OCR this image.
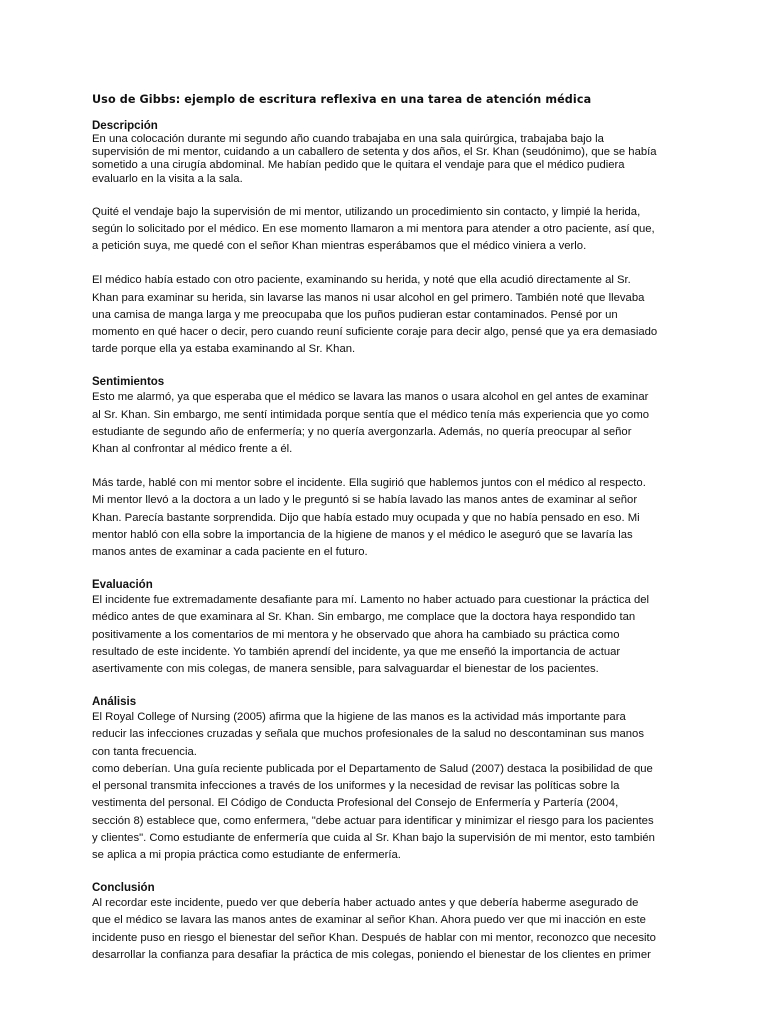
Uso de Gibbs: ejemplo de escritura reflexiva en una tarea de atención médica
Descripción

En una colocación durante mi segundo año cuando trabajaba en una sala quirúrgica, trabajaba bajo la
supervisión de mi mentor, cuidando a un caballero de setenta y dos años, el Sr. Khan (seudónimo), que se había
sometido a una cirugía abdominal. Me habían pedido que le quitara el vendaje para que el médico pudiera
evaluarlo en la visita a la sala.

Quité el vendaje bajo la supervisión de mi mentor, utilizando un procedimiento sin contacto, y limpié la herida,
según lo solicitado por el médico. En ese momento llamaron a mi mentora para atender a otro paciente, así que,
a petición suya, me quedé con el señor Khan mientras esperábamos que el médico viniera a verlo.

El médico había estado con otro paciente, examinando su herida, y noté que ella acudió directamente al Sr.
Khan para examinar su herida, sin lavarse las manos ni usar alcohol en gel primero. También noté que llevaba
una camisa de manga larga y me preocupaba que los puños pudieran estar contaminados. Pensé por un
momento en qué hacer o decir, pero cuando reuní suficiente coraje para decir algo, pensé que ya era demasiado
tarde porque ella ya estaba examinando al Sr. Khan.

Sentimientos

Esto me alarmó, ya que esperaba que el médico se lavara las manos o usara alcohol en gel antes de examinar
al Sr. Khan. Sin embargo, me sentí intimidada porque sentía que el médico tenía más experiencia que yo como
estudiante de segundo año de enfermería; y no quería avergonzarla. Además, no quería preocupar al señor
Khan al confrontar al médico frente a él.

Más tarde, hablé con mi mentor sobre el incidente. Ella sugirió que hablemos juntos con el médico al respecto.
Mi mentor llevó a la doctora a un lado y le preguntó si se había lavado las manos antes de examinar al señor
Khan. Parecía bastante sorprendida. Dijo que había estado muy ocupada y que no había pensado en eso. Mi
mentor habló con ella sobre la importancia de la higiene de manos y el médico le aseguró que se lavaría las
manos antes de examinar a cada paciente en el futuro.

Evaluación

El incidente fue extremadamente desafiante para mí. Lamento no haber actuado para cuestionar la práctica del
médico antes de que examinara al Sr. Khan. Sin embargo, me complace que la doctora haya respondido tan
positivamente a los comentarios de mi mentora y he observado que ahora ha cambiado su práctica como
resultado de este incidente. Yo también aprendí del incidente, ya que me enseñó la importancia de actuar
asertivamente con mis colegas, de manera sensible, para salvaguardar el bienestar de los pacientes.

Análisis

El Royal College of Nursing (2005) afirma que la higiene de las manos es la actividad más importante para
reducir las infecciones cruzadas y señala que muchos profesionales de la salud no descontaminan sus manos
con tanta frecuencia.

como deberían. Una guía reciente publicada por el Departamento de Salud (2007) destaca la posibilidad de que
el personal transmita infecciones a través de los uniformes y la necesidad de revisar las políticas sobre la
vestimenta del personal. El Código de Conducta Profesional del Consejo de Enfermería y Partería (2004,
sección 8) establece que, como enfermera, "debe actuar para identificar y minimizar el riesgo para los pacientes
y clientes". Como estudiante de enfermería que cuida al Sr. Khan bajo la supervisión de mi mentor, esto también
se aplica a mi propia práctica como estudiante de enfermería.

Conclusión

Al recordar este incidente, puedo ver que debería haber actuado antes y que debería haberme asegurado de
que el médico se lavara las manos antes de examinar al señor Khan. Ahora puedo ver que mi inacción en este
incidente puso en riesgo el bienestar del señor Khan. Después de hablar con mi mentor, reconozco que necesito
desarrollar la confianza para desafiar la práctica de mis colegas, poniendo el bienestar de los clientes en primer
